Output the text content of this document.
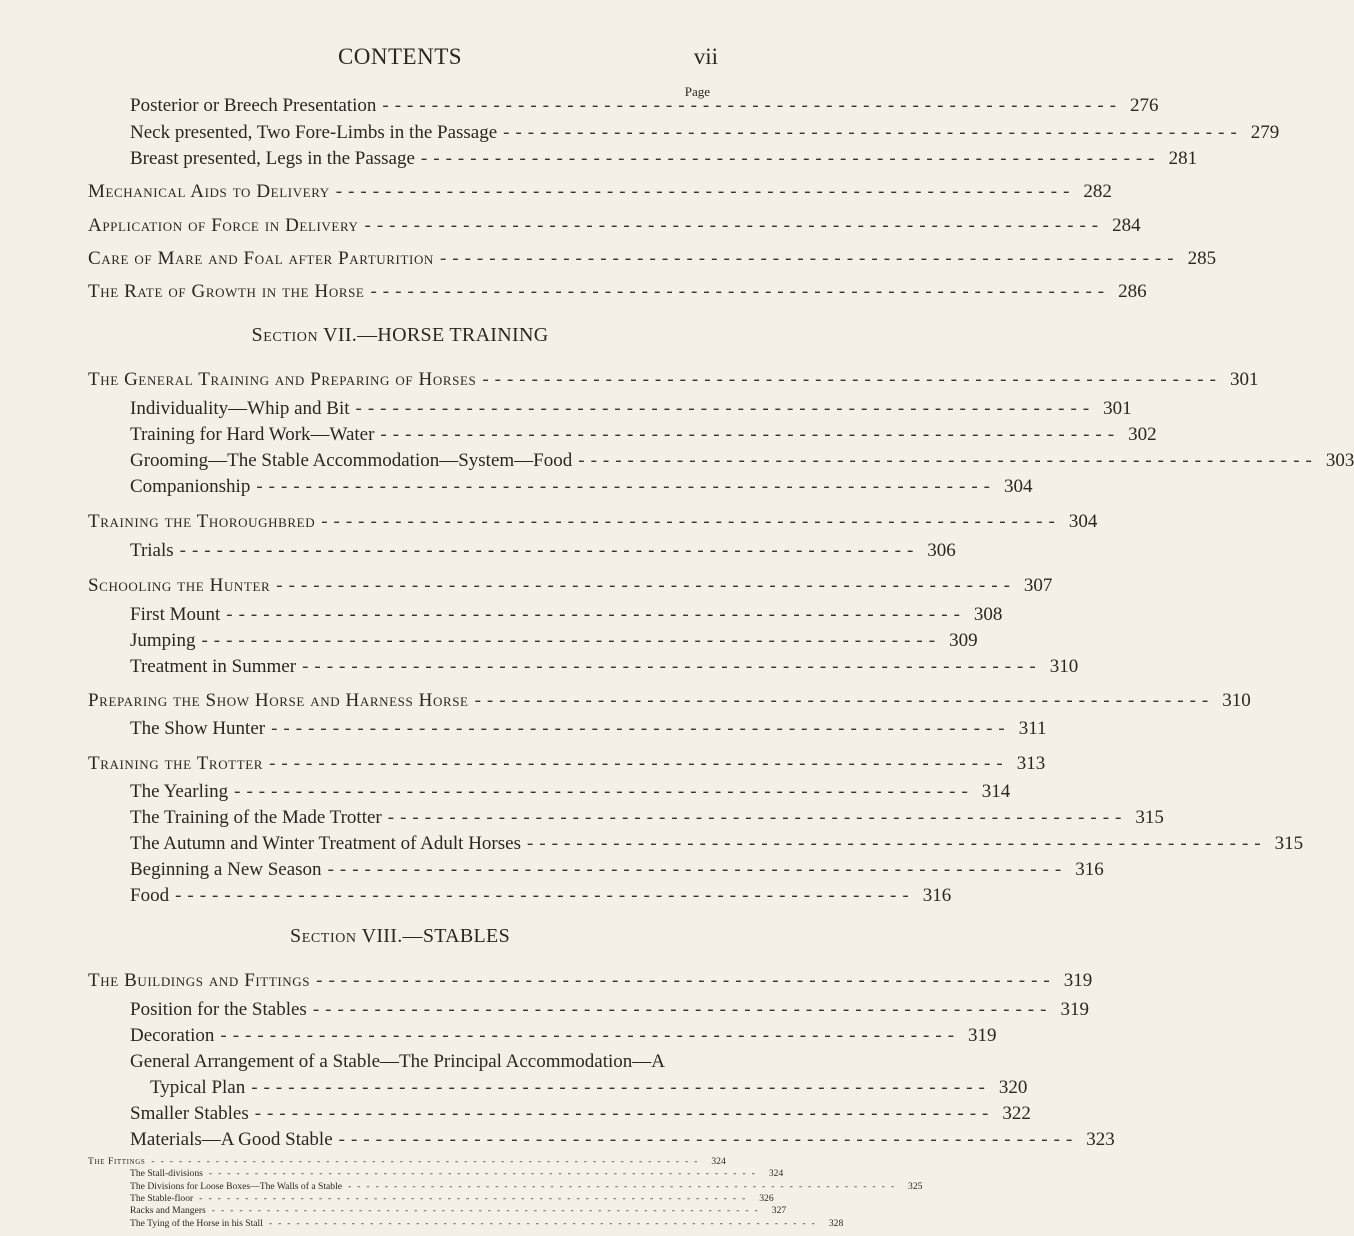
CONTENTS	vii
Page
Posterior or Breech Presentation ------------------------------------------------------------ 276
Neck presented, Two Fore-Limbs in the Passage ------------------------------------------------------------ 279
Breast presented, Legs in the Passage ------------------------------------------------------------ 281
Mechanical Aids to Delivery ------------------------------------------------------------ 282
Application of Force in Delivery ------------------------------------------------------------ 284
Care of Mare and Foal after Parturition ------------------------------------------------------------ 285
The Rate of Growth in the Horse ------------------------------------------------------------ 286
Section VII.—HORSE TRAINING
The General Training and Preparing of Horses ------------------------------------------------------------ 301
Individuality—Whip and Bit ------------------------------------------------------------ 301
Training for Hard Work—Water ------------------------------------------------------------ 302
Grooming—The Stable Accommodation—System—Food ------------------------------------------------------------ 303
Companionship ------------------------------------------------------------ 304
Training the Thoroughbred ------------------------------------------------------------ 304
Trials ------------------------------------------------------------ 306
Schooling the Hunter ------------------------------------------------------------ 307
First Mount ------------------------------------------------------------ 308
Jumping ------------------------------------------------------------ 309
Treatment in Summer ------------------------------------------------------------ 310
Preparing the Show Horse and Harness Horse ------------------------------------------------------------ 310
The Show Hunter ------------------------------------------------------------ 311
Training the Trotter ------------------------------------------------------------ 313
The Yearling ------------------------------------------------------------ 314
The Training of the Made Trotter ------------------------------------------------------------ 315
The Autumn and Winter Treatment of Adult Horses ------------------------------------------------------------ 315
Beginning a New Season ------------------------------------------------------------ 316
Food ------------------------------------------------------------ 316
Section VIII.—STABLES
The Buildings and Fittings ------------------------------------------------------------ 319
Position for the Stables ------------------------------------------------------------ 319
Decoration ------------------------------------------------------------ 319
General Arrangement of a Stable—The Principal Accommodation—A
Typical Plan ------------------------------------------------------------ 320
Smaller Stables ------------------------------------------------------------ 322
Materials—A Good Stable ------------------------------------------------------------ 323
The Fittings ------------------------------------------------------------ 324
The Stall-divisions ------------------------------------------------------------ 324
The Divisions for Loose Boxes—The Walls of a Stable ------------------------------------------------------------ 325
The Stable-floor ------------------------------------------------------------ 326
Racks and Mangers ------------------------------------------------------------ 327
The Tying of the Horse in his Stall ------------------------------------------------------------ 328
